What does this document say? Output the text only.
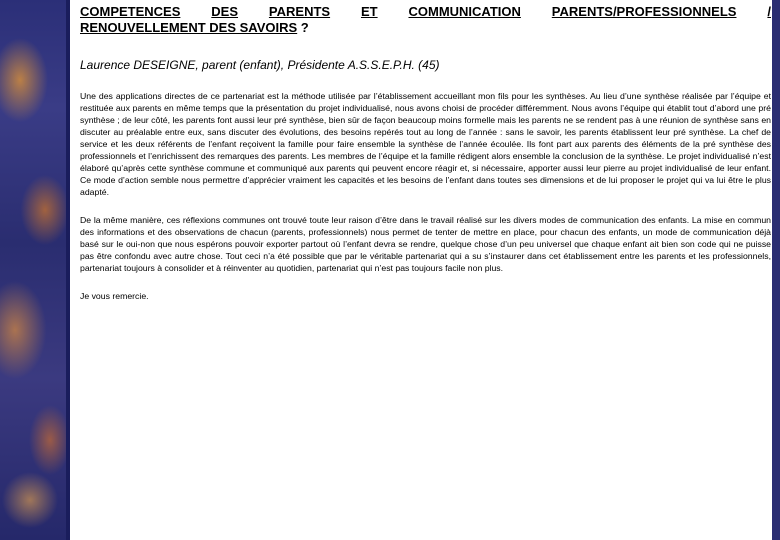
COMPETENCES DES PARENTS ET COMMUNICATION PARENTS/PROFESSIONNELS /
RENOUVELLEMENT DES SAVOIRS ?
Laurence DESEIGNE, parent (enfant), Présidente A.S.S.E.P.H. (45)
Une des applications directes de ce partenariat est la méthode utilisée par l’établissement accueillant mon fils pour les synthèses. Au lieu d’une synthèse réalisée par l’équipe et restituée aux parents en même temps que la présentation du projet individualisé, nous avons choisi de procéder différemment. Nous avons l’équipe qui établit tout d’abord une pré synthèse ; de leur côté, les parents font aussi leur pré synthèse, bien sûr de façon beaucoup moins formelle mais les parents ne se rendent pas à une réunion de synthèse sans en discuter au préalable entre eux, sans discuter des évolutions, des besoins repérés tout au long de l’année : sans le savoir, les parents établissent leur pré synthèse. La chef de service et les deux référents de l’enfant reçoivent la famille pour faire ensemble la synthèse de l’année écoulée. Ils font part aux parents des éléments de la pré synthèse des professionnels et l’enrichissent des remarques des parents. Les membres de l’équipe et la famille rédigent alors ensemble la conclusion de la synthèse. Le projet individualisé n’est élaboré qu’après cette synthèse commune et communiqué aux parents qui peuvent encore réagir et, si nécessaire, apporter aussi leur pierre au projet individualisé de leur enfant. Ce mode d’action semble nous permettre d’apprécier vraiment les capacités et les besoins de l’enfant dans toutes ses dimensions et de lui proposer le projet qui va lui être le plus adapté.
De la même manière, ces réflexions communes ont trouvé toute leur raison d’être dans le travail réalisé sur les divers modes de communication des enfants. La mise en commun des informations et des observations de chacun (parents, professionnels) nous permet de tenter de mettre en place, pour chacun des enfants, un mode de communication déjà basé sur le oui-non que nous espérons pouvoir exporter partout où l’enfant devra se rendre, quelque chose d’un peu universel que chaque enfant ait bien son code qui ne puisse pas être confondu avec autre chose. Tout ceci n’a été possible que par le véritable partenariat qui a su s’instaurer dans cet établissement entre les parents et les professionnels, partenariat toujours à consolider et à réinventer au quotidien, partenariat qui n’est pas toujours facile non plus.
Je vous remercie.
